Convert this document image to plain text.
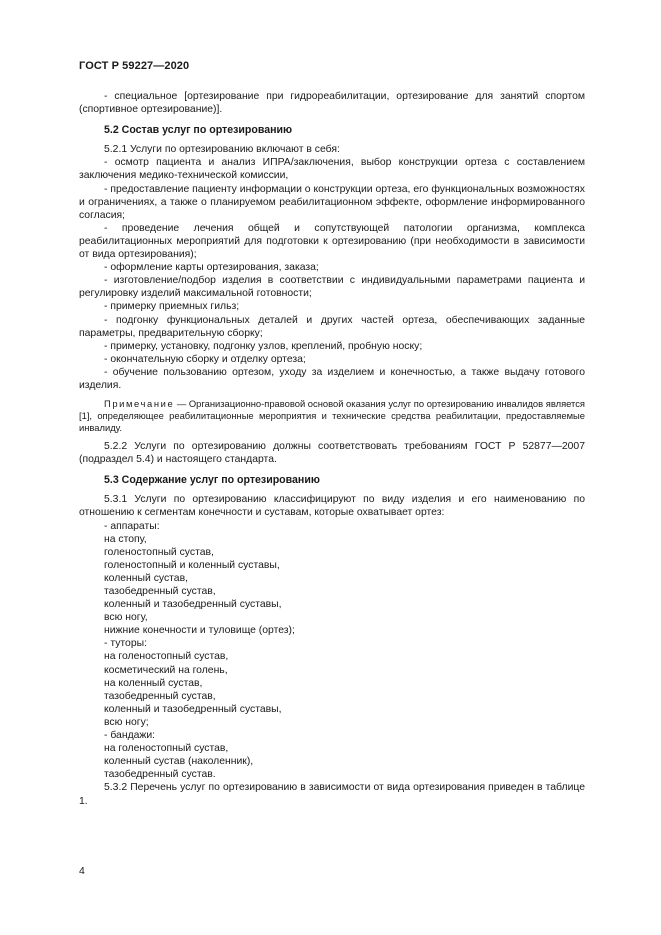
ГОСТ Р 59227—2020

- специальное [ортезирование при гидрореабилитации, ортезирование для занятий спортом (спортивное ортезирование)].

5.2 Состав услуг по ортезированию

5.2.1 Услуги по ортезированию включают в себя:

- осмотр пациента и анализ ИПРА/заключения, выбор конструкции ортеза с составлением заключения медико-технической комиссии,

- предоставление пациенту информации о конструкции ортеза, его функциональных возможностях и ограничениях, а также о планируемом реабилитационном эффекте, оформление информированного согласия;

- проведение лечения общей и сопутствующей патологии организма, комплекса реабилитационных мероприятий для подготовки к ортезированию (при необходимости в зависимости от вида ортезирования);

- оформление карты ортезирования, заказа;

- изготовление/подбор изделия в соответствии с индивидуальными параметрами пациента и регулировку изделий максимальной готовности;

- примерку приемных гильз;

- подгонку функциональных деталей и других частей ортеза, обеспечивающих заданные параметры, предварительную сборку;

- примерку, установку, подгонку узлов, креплений, пробную носку;

- окончательную сборку и отделку ортеза;

- обучение пользованию ортезом, уходу за изделием и конечностью, а также выдачу готового изделия.

Примечание — Организационно-правовой основой оказания услуг по ортезированию инвалидов является [1], определяющее реабилитационные мероприятия и технические средства реабилитации, предоставляемые инвалиду.

5.2.2 Услуги по ортезированию должны соответствовать требованиям ГОСТ Р 52877—2007 (подраздел 5.4) и настоящего стандарта.

5.3 Содержание услуг по ортезированию

5.3.1 Услуги по ортезированию классифицируют по виду изделия и его наименованию по отношению к сегментам конечности и суставам, которые охватывает ортез:

- аппараты:

на стопу,

голеностопный сустав,

голеностопный и коленный суставы,

коленный сустав,

тазобедренный сустав,

коленный и тазобедренный суставы,

всю ногу,

нижние конечности и туловище (ортез);

- туторы:

на голеностопный сустав,

косметический на голень,

на коленный сустав,

тазобедренный сустав,

коленный и тазобедренный суставы,

всю ногу;

- бандажи:

на голеностопный сустав,

коленный сустав (наколенник),

тазобедренный сустав.

5.3.2 Перечень услуг по ортезированию в зависимости от вида ортезирования приведен в таблице 1.

4
